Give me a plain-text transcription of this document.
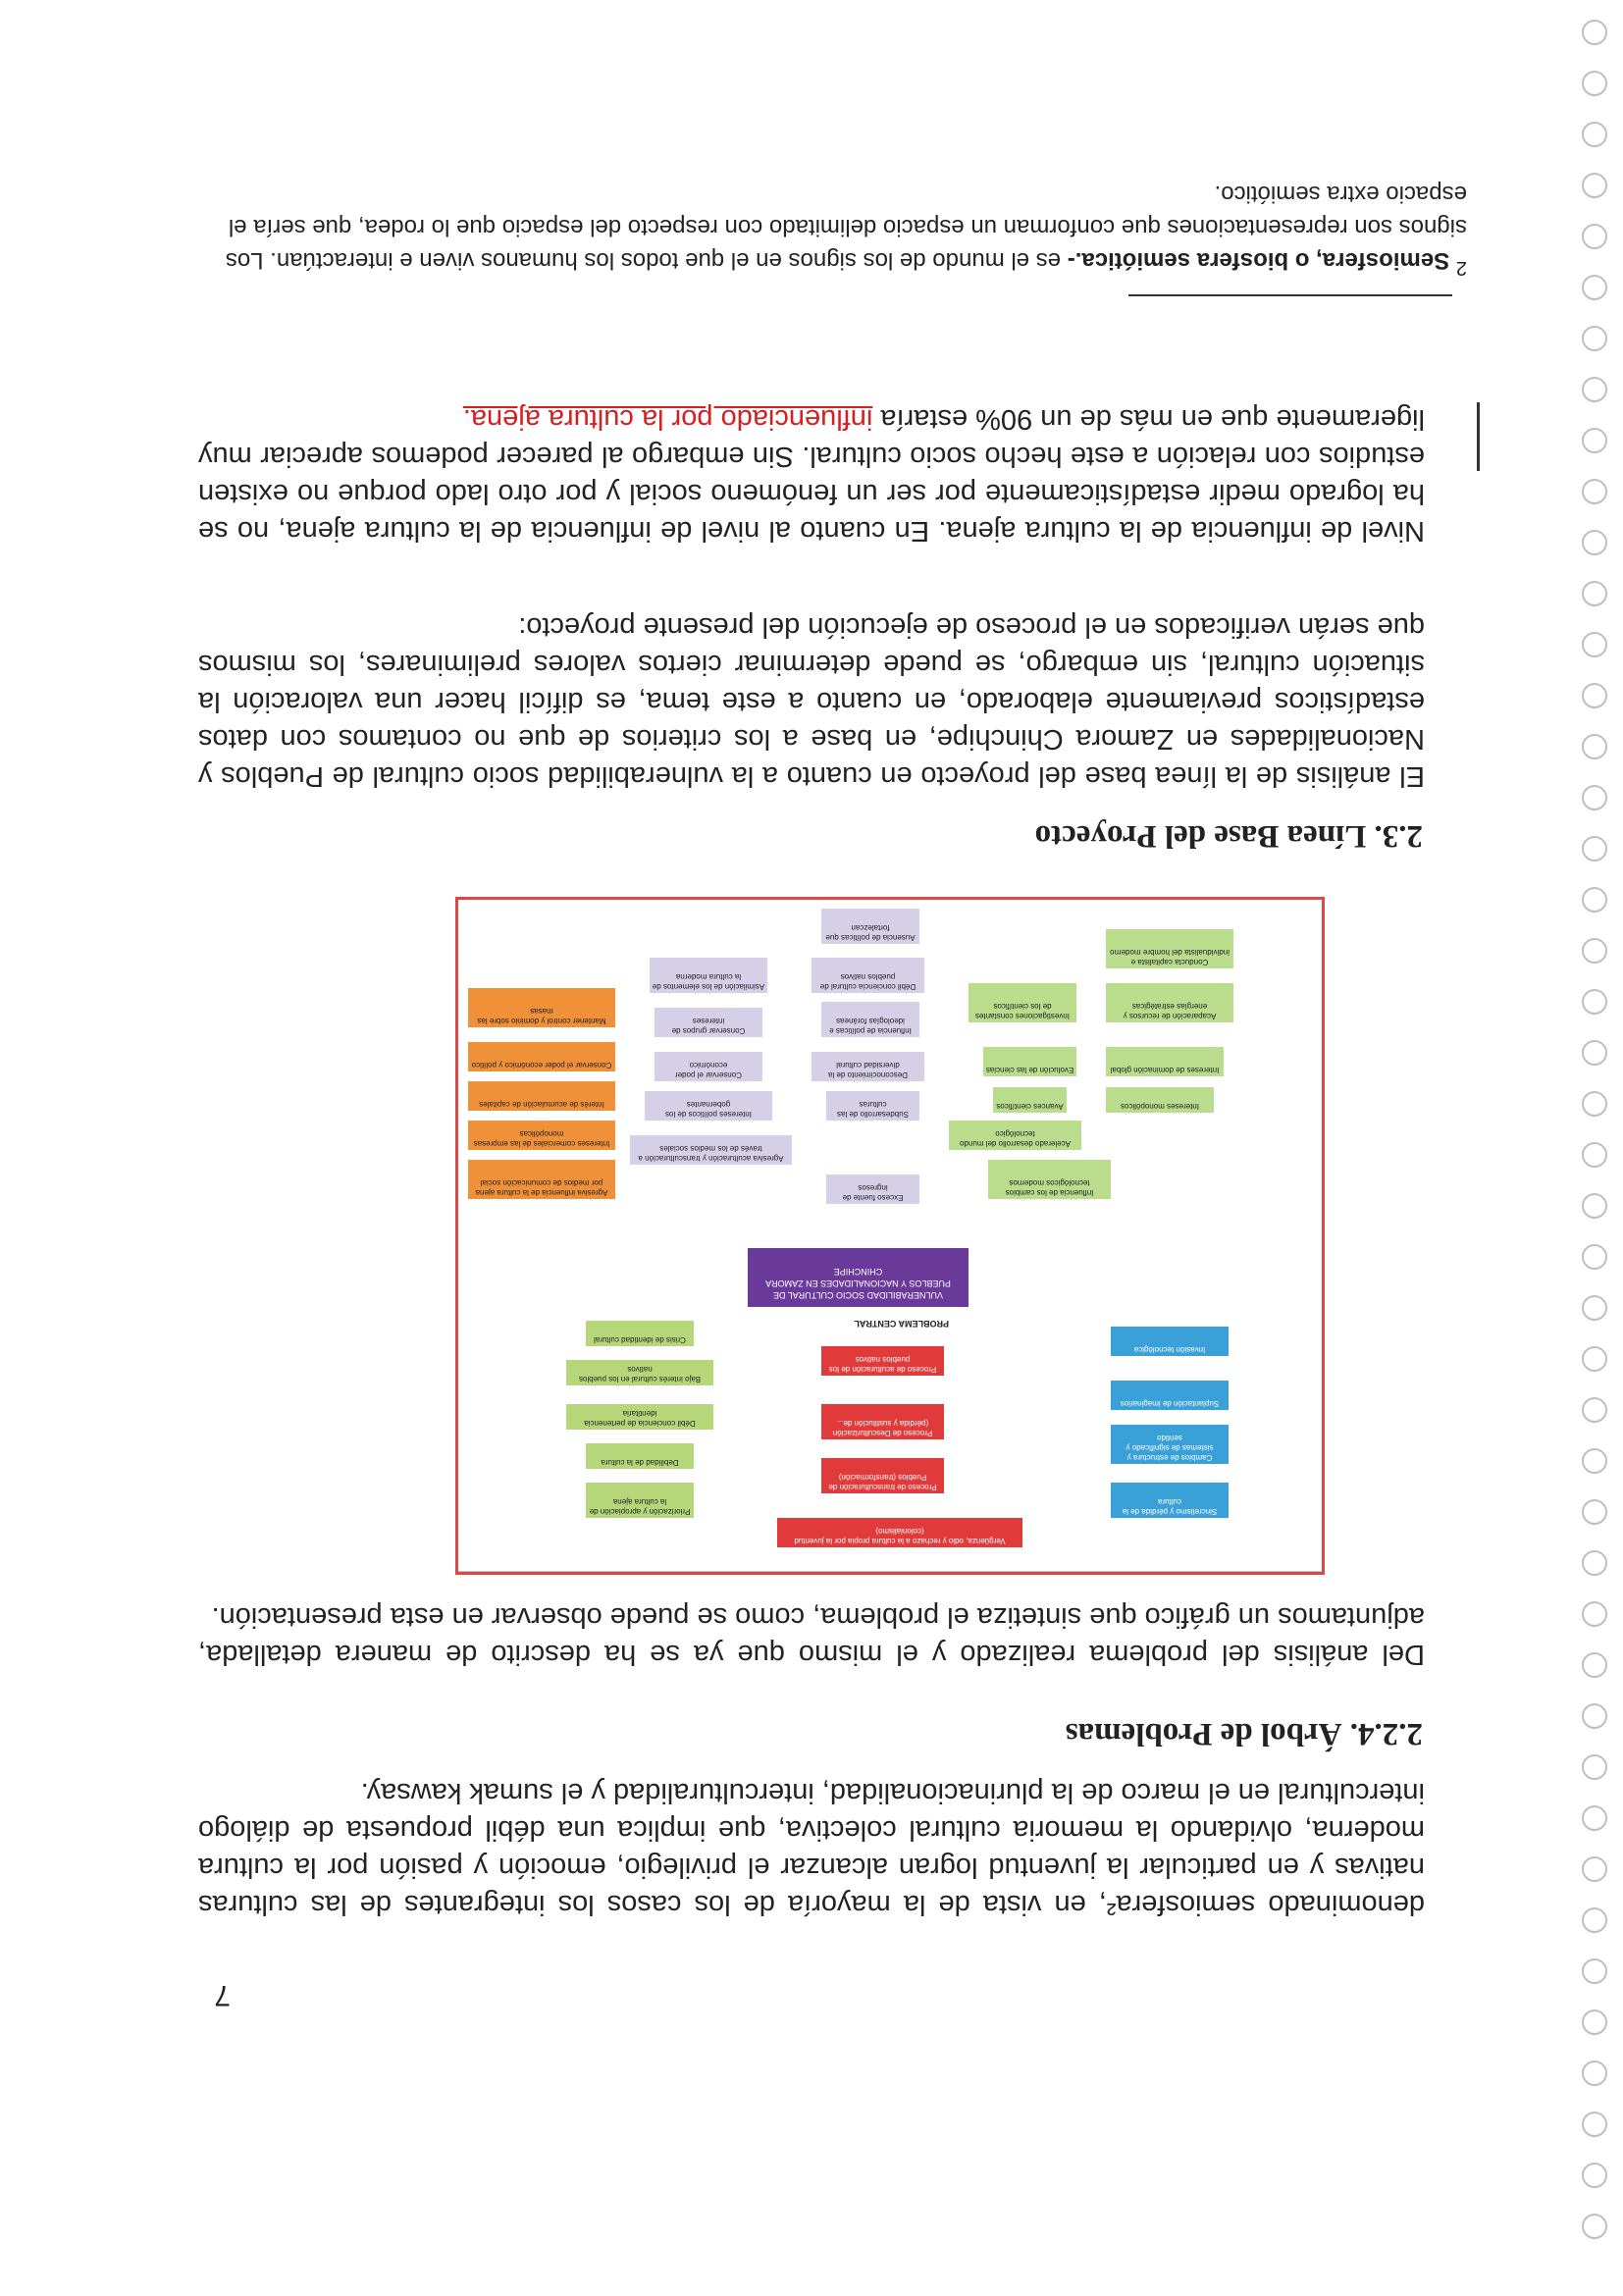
7
denominado semiosfera², en vista de la mayoría de los casos los integrantes de las culturas nativas y en particular la juventud logran alcanzar el privilegio, emoción y pasión por la cultura moderna, olvidando la memoria cultural colectiva, que implica una débil propuesta de diálogo intercultural en el marco de la plurinacionalidad, interculturalidad y el sumak kawsay.
2.2.4. Árbol de Problemas
Del análisis del problema realizado y el mismo que ya se ha descrito de manera detallada, adjuntamos un gráfico que sintetiza el problema, como se puede observar en esta presentación.
PROBLEMA CENTRAL
VULNERABILIDAD SOCIO CULTURAL DE PUEBLOS Y NACIONALIDADES EN ZAMORA CHINCHIPE
Vergüenza, odio y rechazo a la cultura propia por la juventud (colonialismo)
Proceso de transculturación de Pueblos (transformación)
Proceso de Desculturización (pérdida y sustitución de...
Proceso de aculturación de los pueblos nativos
Priorización y apropiación de la cultura ajena
Debilidad de la cultura
Débil conciencia de pertenencia identitaria
Bajo interés cultural en los pueblos nativos
Crisis de identidad cultural
Sincretismo y pérdida de la cultura
Cambios de estructura y sistemas de significado y sentido
Suplantación de imaginarios
Invasión tecnológica
Agresiva influencia de la cultura ajena por medios de comunicación social
Intereses comerciales de las empresas monopólicas
Interés de acumulación de capitales
Conservar el poder económico y político
Mantener control y dominio sobre las masas
Exceso fuente de ingresos
Agresiva aculturación y transculturación a través de los medios sociales
Intereses políticos de los gobernantes
Subdesarrollo de las culturas
Conservar el poder económico
Desconocimiento de la diversidad cultural
Conservar grupos de intereses
Influencia de políticas e ideologías foráneas
Asimilación de los elementos de la cultura moderna
Débil conciencia cultural de pueblos nativos
Ausencia de políticas que fortalezcan
Influencia de los cambios tecnológicos modernos
Acelerado desarrollo del mundo tecnológico
Avances científicos	Intereses monopólicos
Evolución de las ciencias	Intereses de dominación global
Investigaciones constantes de los científicos
Acaparación de recursos y energías estratégicas
Conducta capitalista e individualista del hombre moderno
2.3. Línea Base del Proyecto
El análisis de la línea base del proyecto en cuanto a la vulnerabilidad socio cultural de Pueblos y Nacionalidades en Zamora Chinchipe, en base a los criterios de que no contamos con datos estadísticos previamente elaborado, en cuanto a este tema, es difícil hacer una valoración la situación cultural, sin embargo, se puede determinar ciertos valores preliminares, los mismos que serán verificados en el proceso de ejecución del presente proyecto:
Nivel de influencia de la cultura ajena. En cuanto al nivel de influencia de la cultura ajena, no se ha logrado medir estadísticamente por ser un fenómeno social y por otro lado porque no existen estudios con relación a este hecho socio cultural. Sin embargo al parecer podemos apreciar muy ligeramente que en más de un 90% estaría influenciado por la cultura ajena.
$^2$ Semiosfera, o biosfera semiótica.- es el mundo de los signos en el que todos los humanos viven e interactúan. Los signos son representaciones que conforman un espacio delimitado con respecto del espacio que lo rodea, que sería el espacio extra semiótico.
